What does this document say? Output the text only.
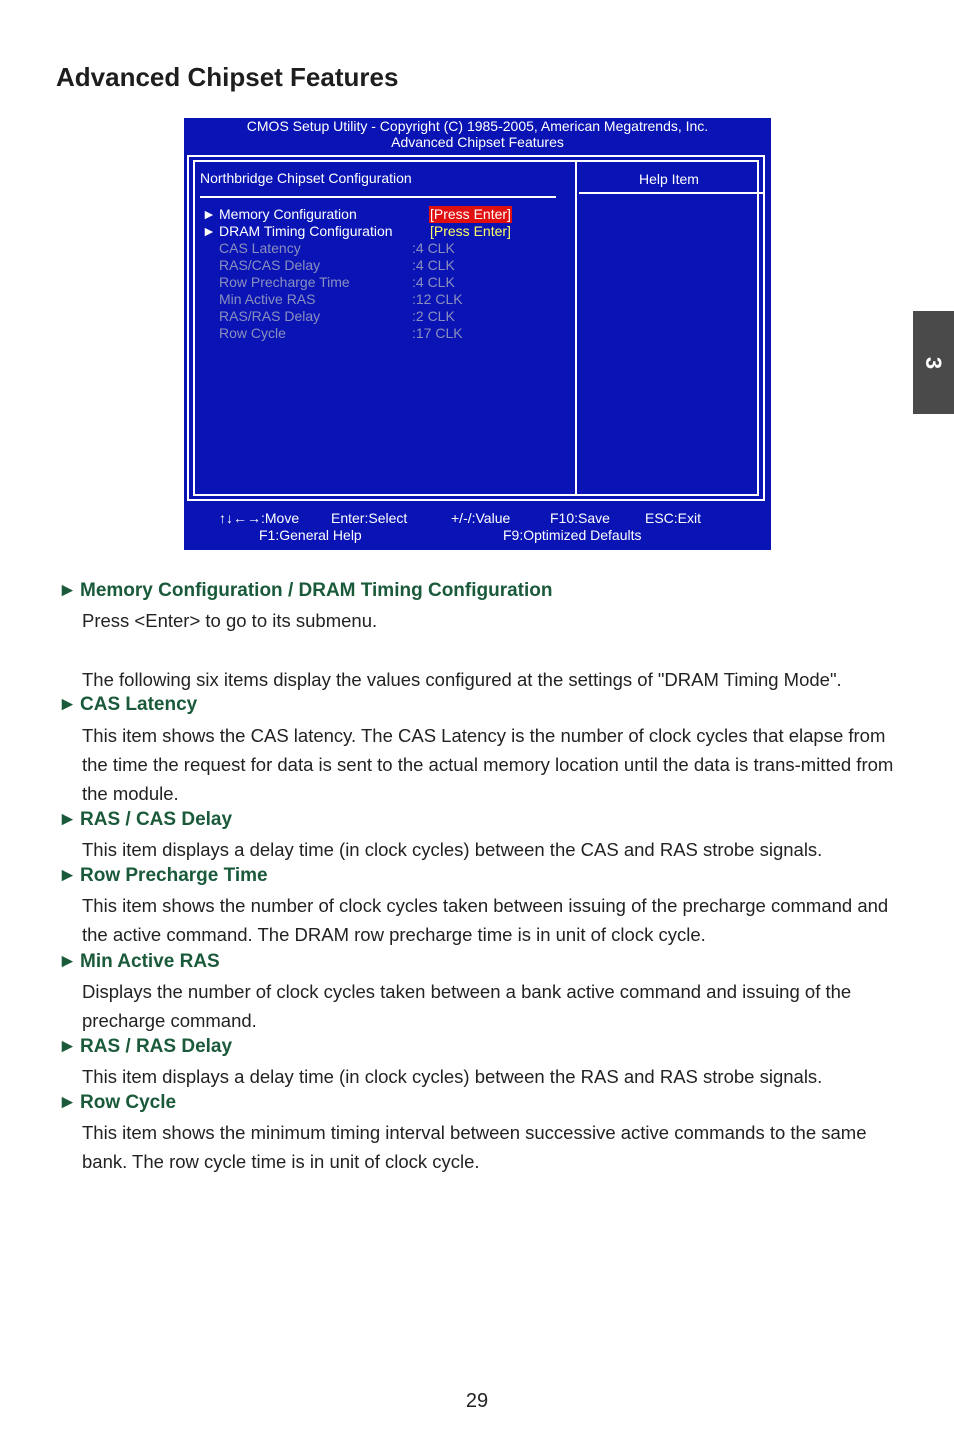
Advanced Chipset Features
3
CMOS Setup Utility - Copyright (C) 1985-2005, American Megatrends, Inc.
Advanced Chipset Features
Northbridge Chipset Configuration	Help Item
► Memory Configuration	[Press Enter]
► DRAM Timing Configuration	[Press Enter]
CAS Latency	:4 CLK
RAS/CAS Delay	:4 CLK
Row Precharge Time	:4 CLK
Min Active RAS	:12 CLK
RAS/RAS Delay	:2 CLK
Row Cycle	:17 CLK
↑↓←→:Move Enter:Select	+/-/:Value	F10:Save	ESC:Exit
F1:General Help	F9:Optimized Defaults
► Memory Configuration / DRAM Timing Configuration

Press <Enter> to go to its submenu.

The following six items display the values configured at the settings of "DRAM Timing Mode".

► CAS Latency

This item shows the CAS latency. The CAS Latency is the number of clock cycles that elapse from the time the request for data is sent to the actual memory location until the data is trans-mitted from the module.

► RAS / CAS Delay

This item displays a delay time (in clock cycles) between the CAS and RAS strobe signals.

► Row Precharge Time

This item shows the number of clock cycles taken between issuing of the precharge command and the active command. The DRAM row precharge time is in unit of clock cycle.

► Min Active RAS

Displays the number of clock cycles taken between a bank active command and issuing of the precharge command.

► RAS / RAS Delay

This item displays a delay time (in clock cycles) between the RAS and RAS strobe signals.

► Row Cycle

This item shows the minimum timing interval between successive active commands to the same bank. The row cycle time is in unit of clock cycle.

29
